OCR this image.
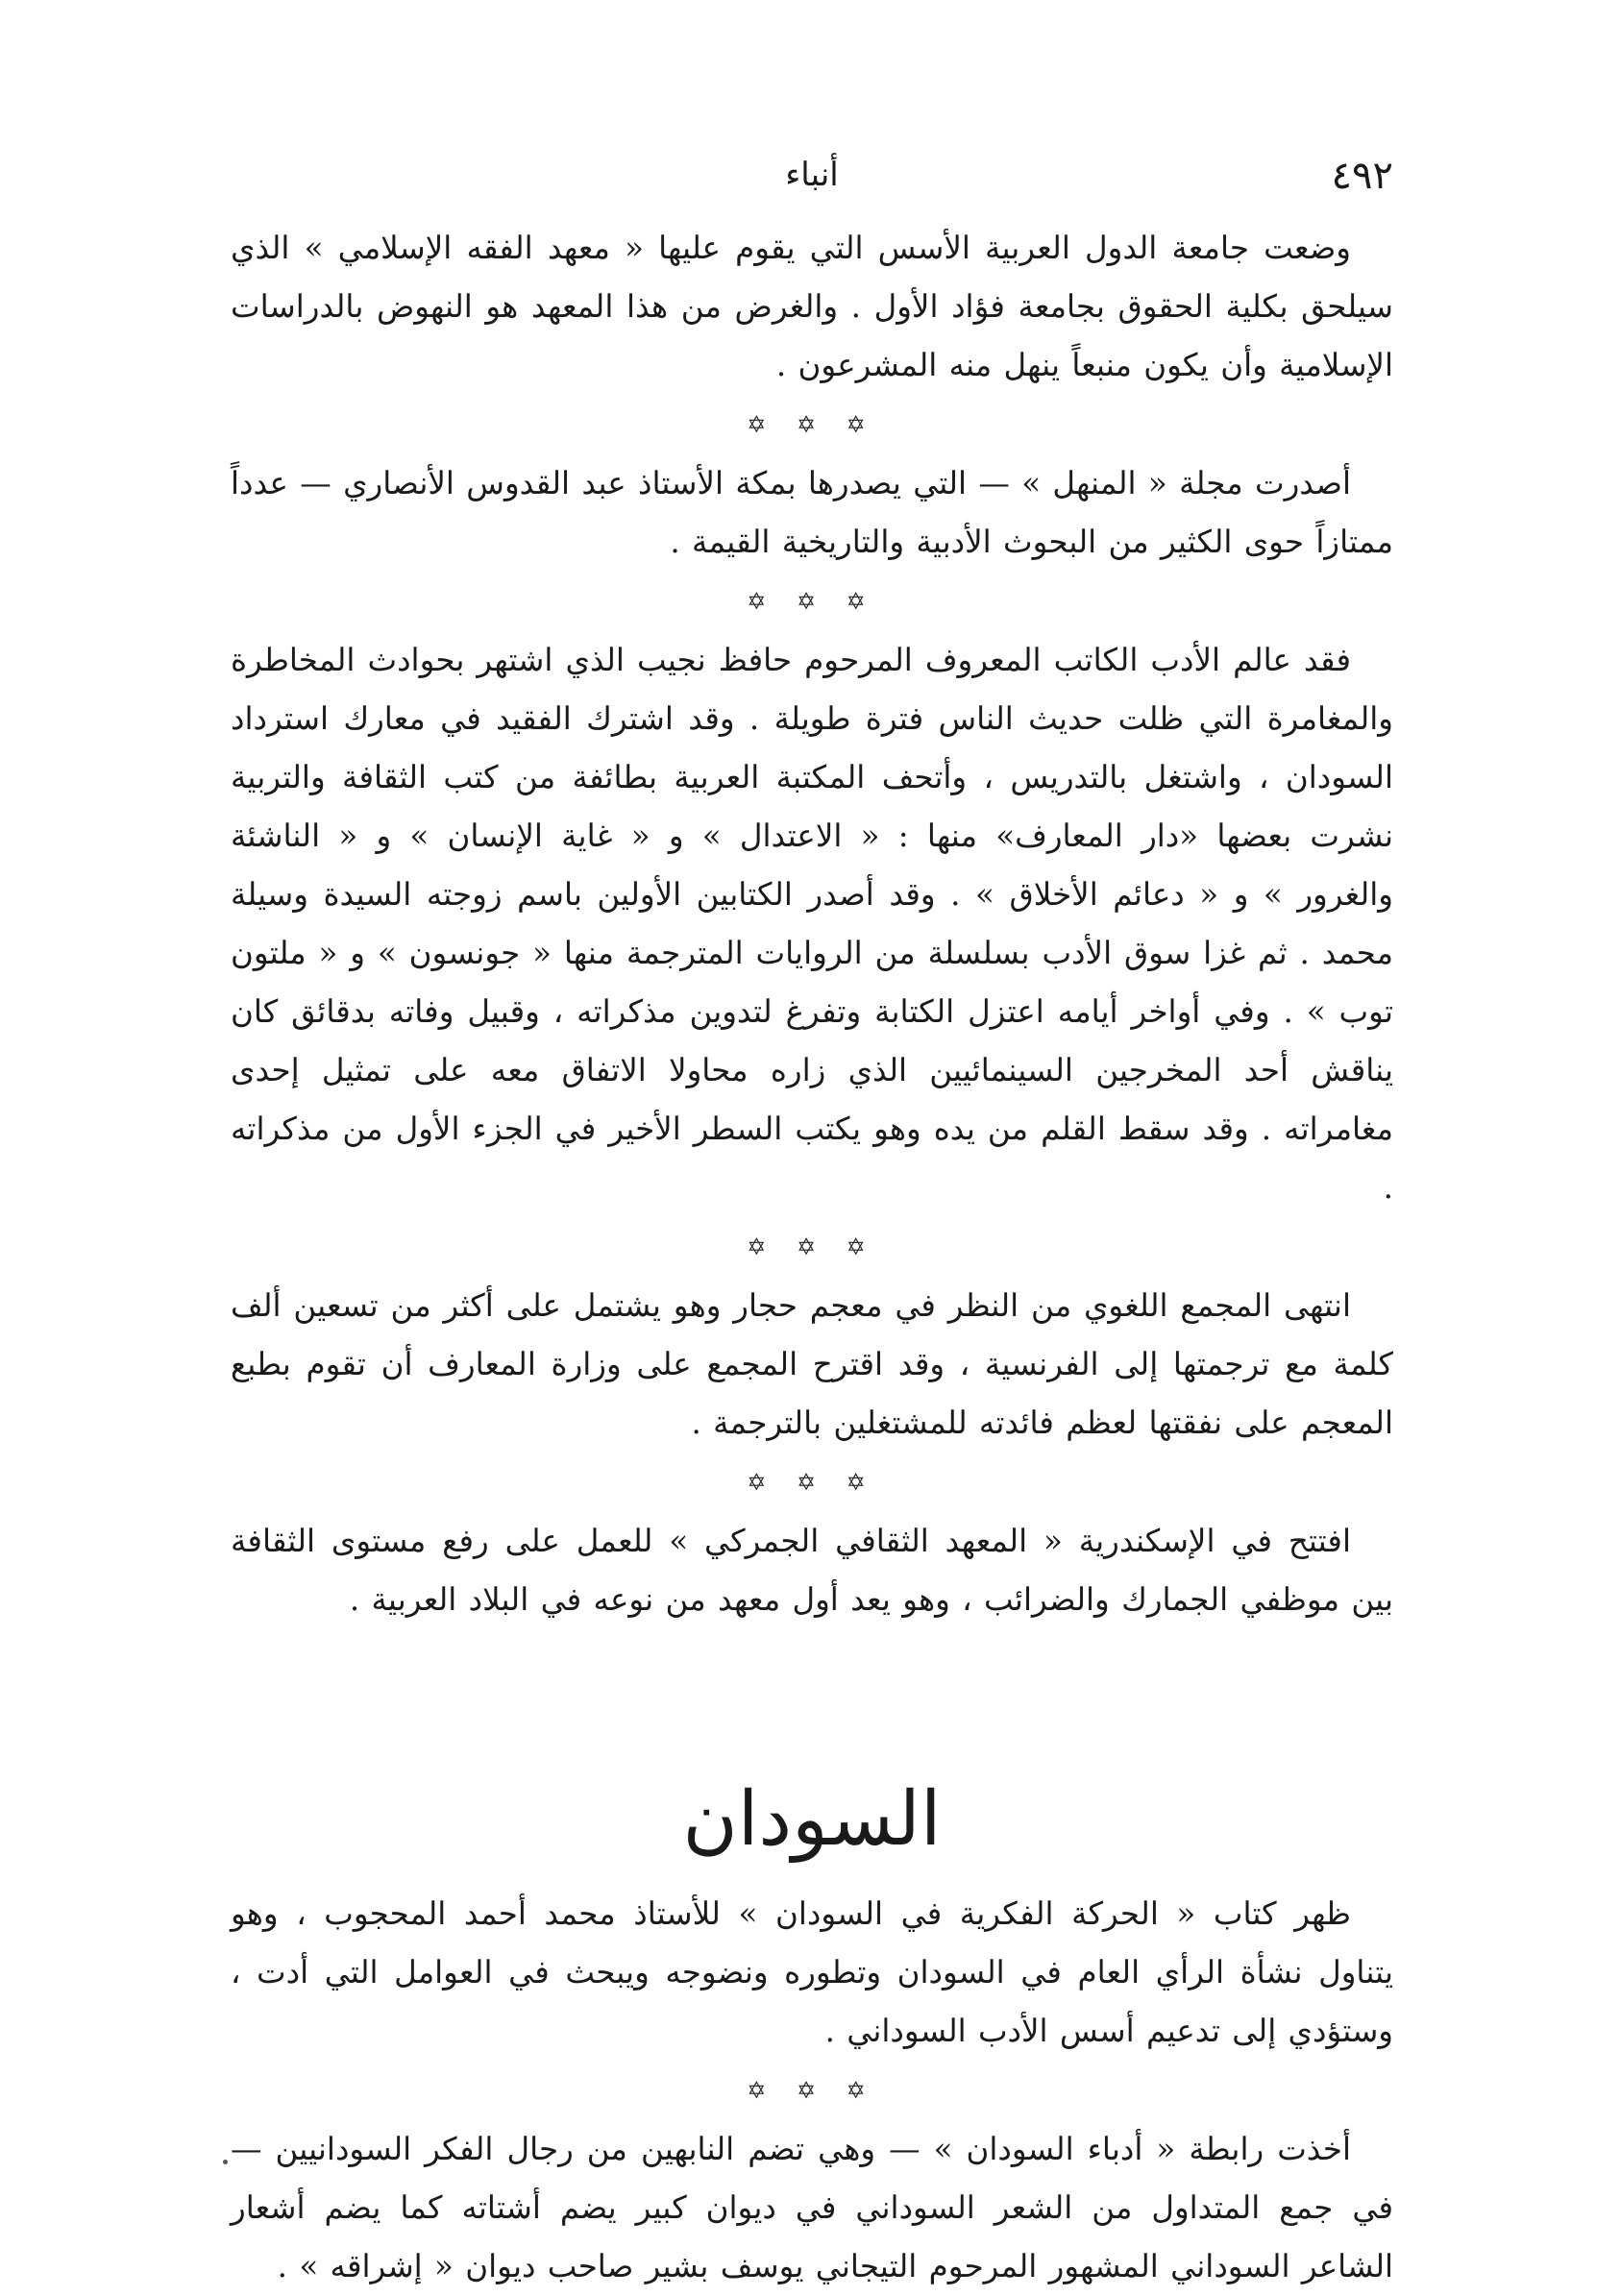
٤٩٢
أنباء

وضعت جامعة الدول العربية الأسس التي يقوم عليها « معهد الفقه الإسلامي » الذي سيلحق بكلية الحقوق بجامعة فؤاد الأول . والغرض من هذا المعهد هو النهوض بالدراسات الإسلامية وأن يكون منبعاً ينهل منه المشرعون .

✡ ✡ ✡

أصدرت مجلة « المنهل » — التي يصدرها بمكة الأستاذ عبد القدوس الأنصاري — عدداً ممتازاً حوى الكثير من البحوث الأدبية والتاريخية القيمة .

✡ ✡ ✡

فقد عالم الأدب الكاتب المعروف المرحوم حافظ نجيب الذي اشتهر بحوادث المخاطرة والمغامرة التي ظلت حديث الناس فترة طويلة . وقد اشترك الفقيد في معارك استرداد السودان ، واشتغل بالتدريس ، وأتحف المكتبة العربية بطائفة من كتب الثقافة والتربية نشرت بعضها «دار المعارف» منها : « الاعتدال » و « غاية الإنسان » و « الناشئة والغرور » و « دعائم الأخلاق » . وقد أصدر الكتابين الأولين باسم زوجته السيدة وسيلة محمد . ثم غزا سوق الأدب بسلسلة من الروايات المترجمة منها « جونسون » و « ملتون توب » . وفي أواخر أيامه اعتزل الكتابة وتفرغ لتدوين مذكراته ، وقبيل وفاته بدقائق كان يناقش أحد المخرجين السينمائيين الذي زاره محاولا الاتفاق معه على تمثيل إحدى مغامراته . وقد سقط القلم من يده وهو يكتب السطر الأخير في الجزء الأول من مذكراته .

✡ ✡ ✡

انتهى المجمع اللغوي من النظر في معجم حجار وهو يشتمل على أكثر من تسعين ألف كلمة مع ترجمتها إلى الفرنسية ، وقد اقترح المجمع على وزارة المعارف أن تقوم بطبع المعجم على نفقتها لعظم فائدته للمشتغلين بالترجمة .

✡ ✡ ✡

افتتح في الإسكندرية « المعهد الثقافي الجمركي » للعمل على رفع مستوى الثقافة بين موظفي الجمارك والضرائب ، وهو يعد أول معهد من نوعه في البلاد العربية .

السودان

ظهر كتاب « الحركة الفكرية في السودان » للأستاذ محمد أحمد المحجوب ، وهو يتناول نشأة الرأي العام في السودان وتطوره ونضوجه ويبحث في العوامل التي أدت ، وستؤدي إلى تدعيم أسس الأدب السوداني .

✡ ✡ ✡

أخذت رابطة « أدباء السودان » — وهي تضم النابهين من رجال الفكر السودانيين — في جمع المتداول من الشعر السوداني في ديوان كبير يضم أشتاته كما يضم أشعار الشاعر السوداني المشهور المرحوم التيجاني يوسف بشير صاحب ديوان « إشراقه » .
